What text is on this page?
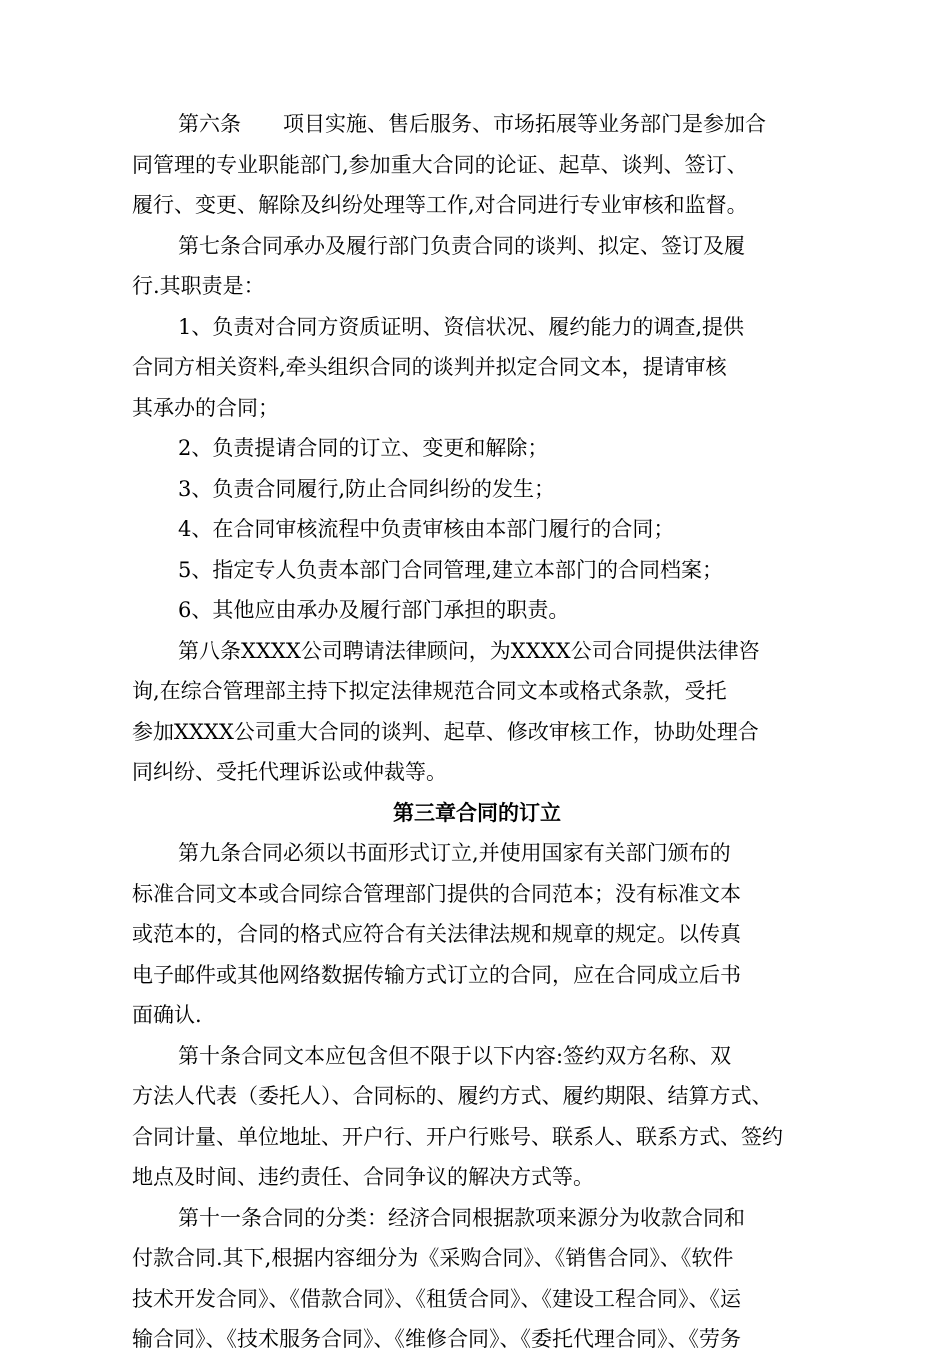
第六条　　项目实施、售后服务、市场拓展等业务部门是参加合
同管理的专业职能部门,参加重大合同的论证、起草、谈判、签订、
履行、变更、解除及纠纷处理等工作,对合同进行专业审核和监督。
第七条合同承办及履行部门负责合同的谈判、拟定、签订及履
行.其职责是：
1、负责对合同方资质证明、资信状况、履约能力的调查,提供
合同方相关资料,牵头组织合同的谈判并拟定合同文本，提请审核
其承办的合同；
2、负责提请合同的订立、变更和解除；
3、负责合同履行,防止合同纠纷的发生；
4、在合同审核流程中负责审核由本部门履行的合同；
5、指定专人负责本部门合同管理,建立本部门的合同档案；
6、其他应由承办及履行部门承担的职责。
第八条XXXX公司聘请法律顾问，为XXXX公司合同提供法律咨
询,在综合管理部主持下拟定法律规范合同文本或格式条款，受托
参加XXXX公司重大合同的谈判、起草、修改审核工作，协助处理合
同纠纷、受托代理诉讼或仲裁等。
第三章合同的订立
第九条合同必须以书面形式订立,并使用国家有关部门颁布的
标准合同文本或合同综合管理部门提供的合同范本；没有标准文本
或范本的，合同的格式应符合有关法律法规和规章的规定。以传真
电子邮件或其他网络数据传输方式订立的合同，应在合同成立后书
面确认.
第十条合同文本应包含但不限于以下内容:签约双方名称、双
方法人代表（委托人）、合同标的、履约方式、履约期限、结算方式、
合同计量、单位地址、开户行、开户行账号、联系人、联系方式、签约
地点及时间、违约责任、合同争议的解决方式等。
第十一条合同的分类：经济合同根据款项来源分为收款合同和
付款合同.其下,根据内容细分为《采购合同》、《销售合同》、《软件
技术开发合同》、《借款合同》、《租赁合同》、《建设工程合同》、《运
输合同》、《技术服务合同》、《维修合同》、《委托代理合同》、《劳务
